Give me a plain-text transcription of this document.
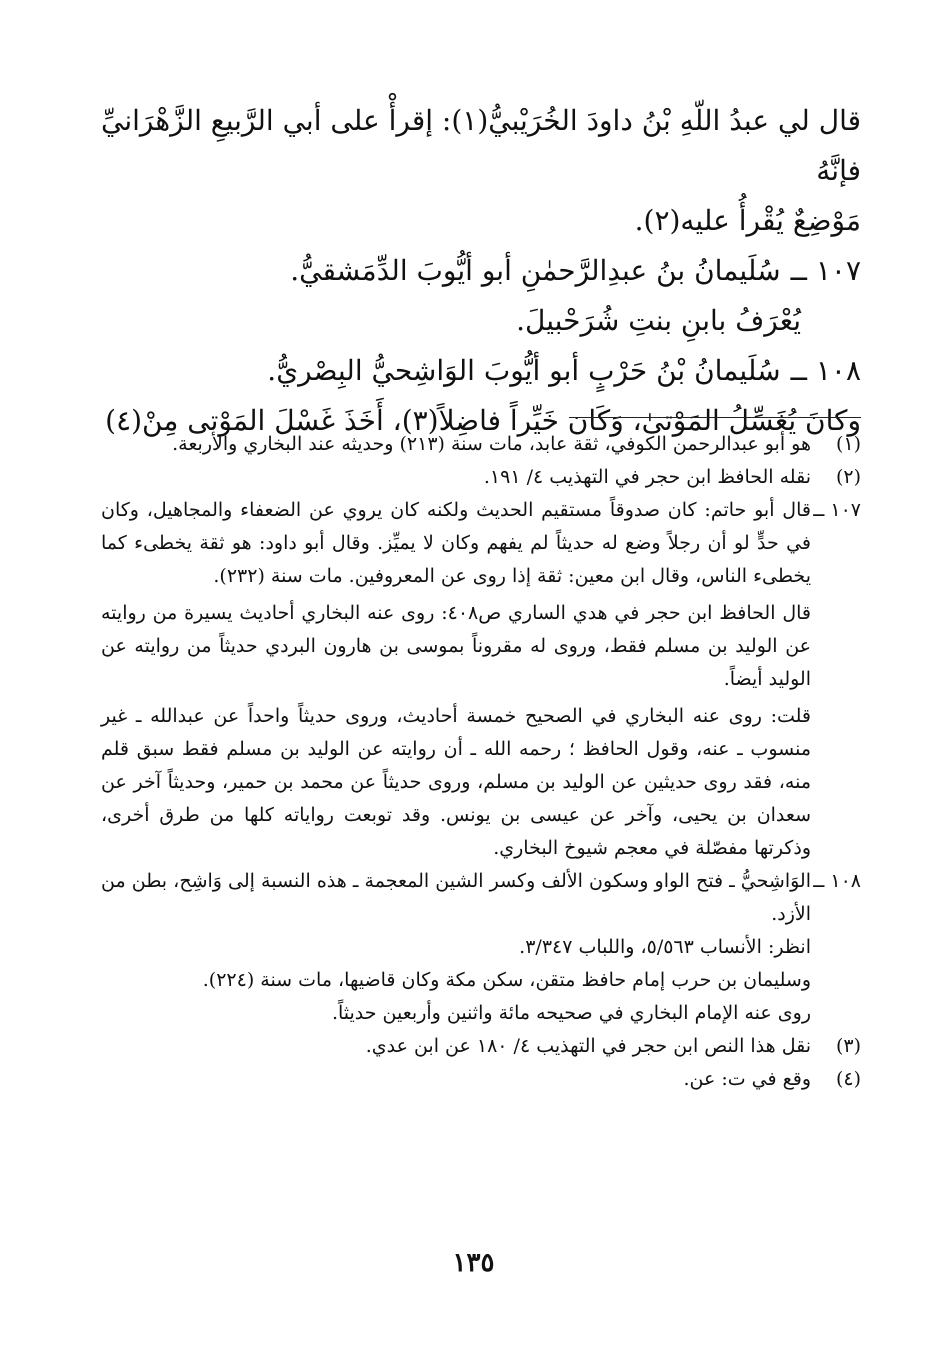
قال لي عبدُ اللّهِ بْنُ داودَ الخُرَيْبيُّ(١): إقرأْ على أبي الرَّبيعِ الزَّهْرَانيِّ فإنَّهُ

مَوْضِعٌ يُقْرأُ عليه(٢).

١٠٧ ــسُلَيمانُ بنُ عبدِالرَّحمٰنِ أبو أيُّوبَ الدِّمَشقيُّ.

يُعْرَفُ بابنِ بنتِ شُرَحْبيلَ.

١٠٨ ــسُلَيمانُ بْنُ حَرْبٍ أبو أيُّوبَ الوَاشِحيُّ البِصْريُّ.

وكانَ يُغَسِّلُ المَوْتىٰ، وَكَان خَيِّراً فاضِلاً(٣)، أَخَذَ غَسْلَ المَوْتى مِنْ(٤)

(١)

هو أبو عبدالرحمن الكوفي، ثقة عابد، مات سنة (٢١٣) وحديثه عند البخاري والأربعة.

(٢)

نقله الحافظ ابن حجر في التهذيب ٤/ ١٩١.

١٠٧ ــ

قال أبو حاتم: كان صدوقاً مستقيم الحديث ولكنه كان يروي عن الضعفاء والمجاهيل، وكان في حدٍّ لو أن رجلاً وضع له حديثاً لم يفهم وكان لا يميِّز. وقال أبو داود: هو ثقة يخطىء كما يخطىء الناس، وقال ابن معين: ثقة إذا روى عن المعروفين. مات سنة (٢٣٢).

قال الحافظ ابن حجر في هدي الساري ص٤٠٨: روى عنه البخاري أحاديث يسيرة من روايته عن الوليد بن مسلم فقط، وروى له مقروناً بموسى بن هارون البردي حديثاً من روايته عن الوليد أيضاً.

قلت: روى عنه البخاري في الصحيح خمسة أحاديث، وروى حديثاً واحداً عن عبدالله ـ غير منسوب ـ عنه، وقول الحافظ ؛ رحمه الله ـ أن روايته عن الوليد بن مسلم فقط سبق قلم منه، فقد روى حديثين عن الوليد بن مسلم، وروى حديثاً عن محمد بن حمير، وحديثاً آخر عن سعدان بن يحيى، وآخر عن عيسى بن يونس. وقد توبعت رواياته كلها من طرق أخرى، وذكرتها مفصّلة في معجم شيوخ البخاري.

١٠٨ ــ

الوَاشِحيُّ ـ فتح الواو وسكون الألف وكسر الشين المعجمة ـ هذه النسبة إلى وَاشِح، بطن من الأزد.

انظر: الأنساب ٥/٥٦٣، واللباب ٣/٣٤٧.

وسليمان بن حرب إمام حافظ متقن، سكن مكة وكان قاضيها، مات سنة (٢٢٤).

روى عنه الإمام البخاري في صحيحه مائة واثنين وأربعين حديثاً.

(٣)

نقل هذا النص ابن حجر في التهذيب ٤/ ١٨٠ عن ابن عدي.

(٤)

وقع في ت: عن.

١٣٥
